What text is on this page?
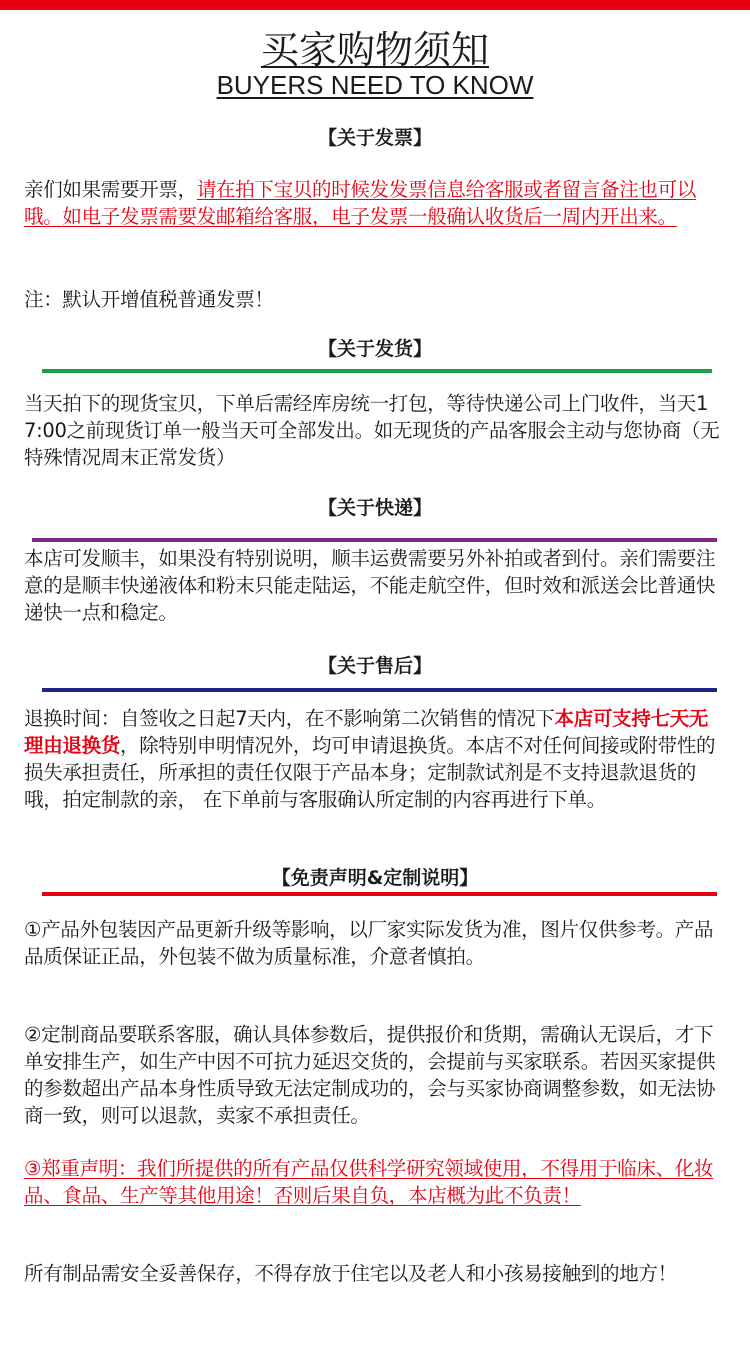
买家购物须知
BUYERS NEED TO KNOW
【关于发票】
亲们如果需要开票，请在拍下宝贝的时候发发票信息给客服或者留言备注也可以哦。如电子发票需要发邮箱给客服，电子发票一般确认收货后一周内开出来。
注：默认开增值税普通发票！
【关于发货】
当天拍下的现货宝贝，下单后需经库房统一打包，等待快递公司上门收件，当天17:00之前现货订单一般当天可全部发出。如无现货的产品客服会主动与您协商（无特殊情况周末正常发货）
【关于快递】
本店可发顺丰，如果没有特别说明，顺丰运费需要另外补拍或者到付。亲们需要注意的是顺丰快递液体和粉末只能走陆运，不能走航空件，但时效和派送会比普通快递快一点和稳定。
【关于售后】
退换时间：自签收之日起7天内，在不影响第二次销售的情况下本店可支持七天无理由退换货，除特别申明情况外，均可申请退换货。本店不对任何间接或附带性的损失承担责任，所承担的责任仅限于产品本身；定制款试剂是不支持退款退货的哦，拍定制款的亲， 在下单前与客服确认所定制的内容再进行下单。
【免责声明&定制说明】
①产品外包装因产品更新升级等影响，以厂家实际发货为准，图片仅供参考。产品品质保证正品，外包装不做为质量标准，介意者慎拍。
②定制商品要联系客服，确认具体参数后，提供报价和货期，需确认无误后，才下单安排生产，如生产中因不可抗力延迟交货的，会提前与买家联系。若因买家提供的参数超出产品本身性质导致无法定制成功的，会与买家协商调整参数，如无法协商一致，则可以退款，卖家不承担责任。
③郑重声明：我们所提供的所有产品仅供科学研究领域使用，不得用于临床、化妆品、食品、生产等其他用途！否则后果自负，本店概为此不负责！
所有制品需安全妥善保存，不得存放于住宅以及老人和小孩易接触到的地方！
